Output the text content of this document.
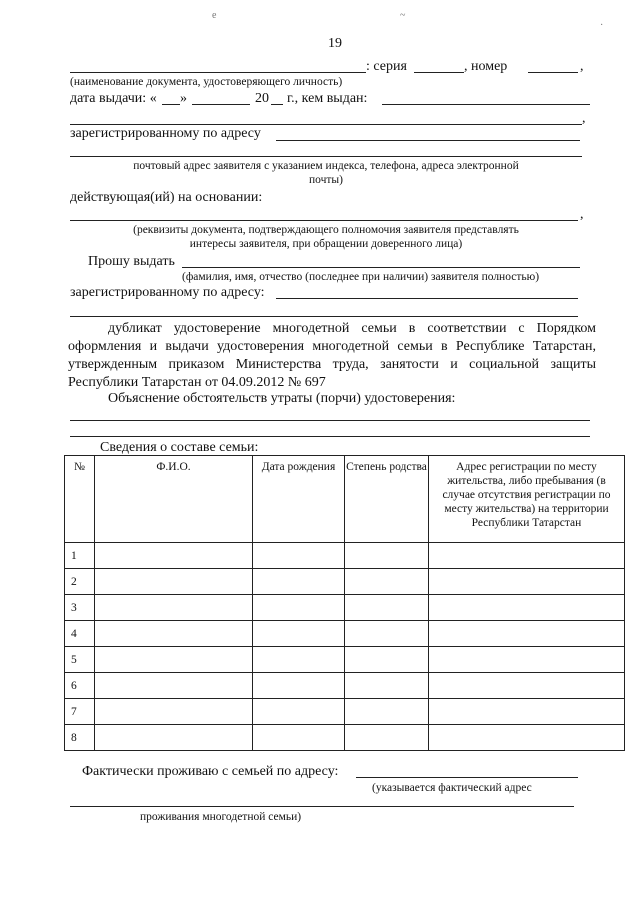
е	~
·
19
: серия	, номер	,
(наименование документа, удостоверяющего личность)
дата выдачи: « »	20 г., кем выдан:
,
зарегистрированному по адресу
почтовый адрес заявителя с указанием индекса, телефона, адреса электронной
почты)
действующая(ий) на основании:
,
(реквизиты документа, подтверждающего полномочия заявителя представлять
интересы заявителя, при обращении доверенного лица)
Прошу выдать
(фамилия, имя, отчество (последнее при наличии) заявителя полностью)
зарегистрированному по адресу:
дубликат удостоверение многодетной семьи в соответствии с Порядком оформления и выдачи удостоверения многодетной семьи в Республике Татарстан, утвержденным приказом Министерства труда, занятости и социальной защиты Республики Татарстан от 04.09.2012 № 697
Объяснение обстоятельств утраты (порчи) удостоверения:
Сведения о составе семьи:
№	Ф.И.О.	Дата рождения	Степень родства	Адрес регистрации по месту жительства, либо пребывания (в случае отсутствия регистрации по месту жительства) на территории Республики Татарстан
1				
2				
3				
4				
5				
6				
7				
8				
Фактически проживаю с семьей по адресу:
(указывается фактический адрес
проживания многодетной семьи)
